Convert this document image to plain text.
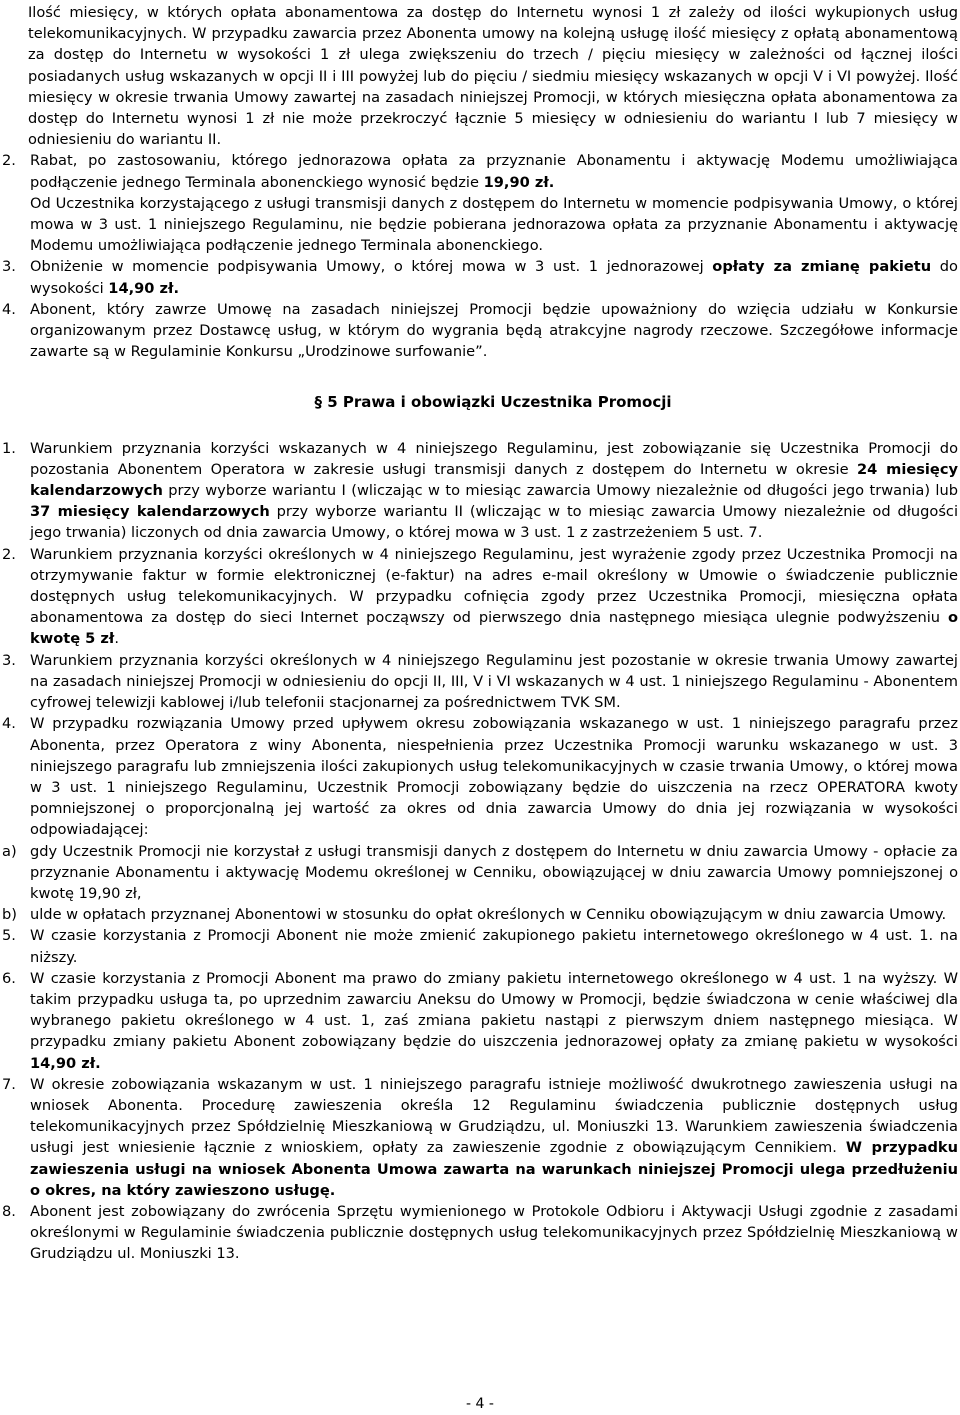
Ilość miesięcy, w których opłata abonamentowa za dostęp do Internetu wynosi 1 zł zależy od ilości wykupionych usług telekomunikacyjnych. W przypadku zawarcia przez Abonenta umowy na kolejną usługę ilość miesięcy z opłatą abonamentową za dostęp do Internetu w wysokości 1 zł ulega zwiększeniu do trzech / pięciu miesięcy w zależności od łącznej ilości posiadanych usług wskazanych w opcji II i III powyżej lub do pięciu / siedmiu miesięcy wskazanych w opcji V i VI powyżej. Ilość miesięcy w okresie trwania Umowy zawartej na zasadach niniejszej Promocji, w których miesięczna opłata abonamentowa za dostęp do Internetu wynosi 1 zł nie może przekroczyć łącznie 5 miesięcy w odniesieniu do wariantu I lub 7 miesięcy w odniesieniu do wariantu II.

2. Rabat, po zastosowaniu, którego jednorazowa opłata za przyznanie Abonamentu i aktywację Modemu umożliwiająca podłączenie jednego Terminala abonenckiego wynosić będzie 19,90 zł.
Od Uczestnika korzystającego z usługi transmisji danych z dostępem do Internetu w momencie podpisywania Umowy, o której mowa w 3 ust. 1 niniejszego Regulaminu, nie będzie pobierana jednorazowa opłata za przyznanie Abonamentu i aktywację Modemu umożliwiająca podłączenie jednego Terminala abonenckiego.
3. Obniżenie w momencie podpisywania Umowy, o której mowa w 3 ust. 1 jednorazowej opłaty za zmianę pakietu do wysokości 14,90 zł.
4. Abonent, który zawrze Umowę na zasadach niniejszej Promocji będzie upoważniony do wzięcia udziału w Konkursie organizowanym przez Dostawcę usług, w którym do wygrania będą atrakcyjne nagrody rzeczowe. Szczegółowe informacje zawarte są w Regulaminie Konkursu „Urodzinowe surfowanie”.
§ 5 Prawa i obowiązki Uczestnika Promocji
1. Warunkiem przyznania korzyści wskazanych w 4 niniejszego Regulaminu, jest zobowiązanie się Uczestnika Promocji do pozostania Abonentem Operatora w zakresie usługi transmisji danych z dostępem do Internetu w okresie 24 miesięcy kalendarzowych przy wyborze wariantu I (wliczając w to miesiąc zawarcia Umowy niezależnie od długości jego trwania) lub 37 miesięcy kalendarzowych przy wyborze wariantu II (wliczając w to miesiąc zawarcia Umowy niezależnie od długości jego trwania) liczonych od dnia zawarcia Umowy, o której mowa w 3 ust. 1 z zastrzeżeniem 5 ust. 7.
2. Warunkiem przyznania korzyści określonych w 4 niniejszego Regulaminu, jest wyrażenie zgody przez Uczestnika Promocji na otrzymywanie faktur w formie elektronicznej (e-faktur) na adres e-mail określony w Umowie o świadczenie publicznie dostępnych usług telekomunikacyjnych. W przypadku cofnięcia zgody przez Uczestnika Promocji, miesięczna opłata abonamentowa za dostęp do sieci Internet począwszy od pierwszego dnia następnego miesiąca ulegnie podwyższeniu o kwotę 5 zł.
3. Warunkiem przyznania korzyści określonych w 4 niniejszego Regulaminu jest pozostanie w okresie trwania Umowy zawartej na zasadach niniejszej Promocji w odniesieniu do opcji II, III, V i VI wskazanych w 4 ust. 1 niniejszego Regulaminu - Abonentem cyfrowej telewizji kablowej i/lub telefonii stacjonarnej za pośrednictwem TVK SM.
4. W przypadku rozwiązania Umowy przed upływem okresu zobowiązania wskazanego w ust. 1 niniejszego paragrafu przez Abonenta, przez Operatora z winy Abonenta, niespełnienia przez Uczestnika Promocji warunku wskazanego w ust. 3 niniejszego paragrafu lub zmniejszenia ilości zakupionych usług telekomunikacyjnych w czasie trwania Umowy, o której mowa w 3 ust. 1 niniejszego Regulaminu, Uczestnik Promocji zobowiązany będzie do uiszczenia na rzecz OPERATORA kwoty pomniejszonej o proporcjonalną jej wartość za okres od dnia zawarcia Umowy do dnia jej rozwiązania w wysokości odpowiadającej:
a) gdy Uczestnik Promocji nie korzystał z usługi transmisji danych z dostępem do Internetu w dniu zawarcia Umowy - opłacie za przyznanie Abonamentu i aktywację Modemu określonej w Cenniku, obowiązującej w dniu zawarcia Umowy pomniejszonej o kwotę 19,90 zł,
b) ulde w opłatach przyznanej Abonentowi w stosunku do opłat określonych w Cenniku obowiązującym w dniu zawarcia Umowy.
5. W czasie korzystania z Promocji Abonent nie może zmienić zakupionego pakietu internetowego określonego w 4 ust. 1. na niższy.
6. W czasie korzystania z Promocji Abonent ma prawo do zmiany pakietu internetowego określonego w 4 ust. 1 na wyższy. W takim przypadku usługa ta, po uprzednim zawarciu Aneksu do Umowy w Promocji, będzie świadczona w cenie właściwej dla wybranego pakietu określonego w 4 ust. 1, zaś zmiana pakietu nastąpi z pierwszym dniem następnego miesiąca. W przypadku zmiany pakietu Abonent zobowiązany będzie do uiszczenia jednorazowej opłaty za zmianę pakietu w wysokości 14,90 zł.
7. W okresie zobowiązania wskazanym w ust. 1 niniejszego paragrafu istnieje możliwość dwukrotnego zawieszenia usługi na wniosek Abonenta. Procedurę zawieszenia określa 12 Regulaminu świadczenia publicznie dostępnych usług telekomunikacyjnych przez Spółdzielnię Mieszkaniową w Grudziądzu, ul. Moniuszki 13. Warunkiem zawieszenia świadczenia usługi jest wniesienie łącznie z wnioskiem, opłaty za zawieszenie zgodnie z obowiązującym Cennikiem. W przypadku zawieszenia usługi na wniosek Abonenta Umowa zawarta na warunkach niniejszej Promocji ulega przedłużeniu o okres, na który zawieszono usługę.
8. Abonent jest zobowiązany do zwrócenia Sprzętu wymienionego w Protokole Odbioru i Aktywacji Usługi zgodnie z zasadami określonymi w Regulaminie świadczenia publicznie dostępnych usług telekomunikacyjnych przez Spółdzielnię Mieszkaniową w Grudziądzu ul. Moniuszki 13.
- 4 -
